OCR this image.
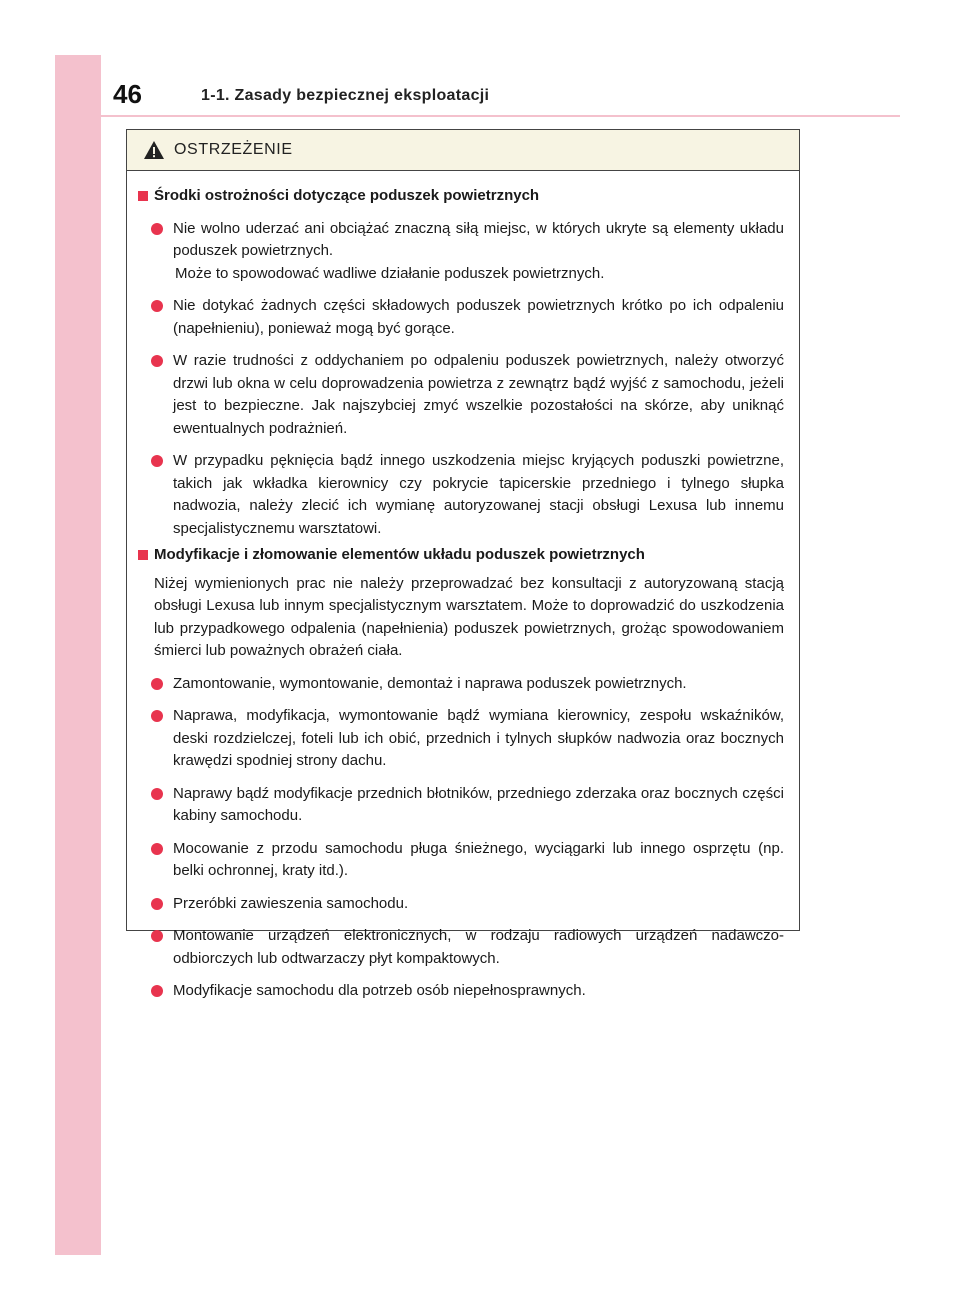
46	1-1. Zasady bezpiecznej eksploatacji
OSTRZEŻENIE
Środki ostrożności dotyczące poduszek powietrznych
Nie wolno uderzać ani obciążać znaczną siłą miejsc, w których ukryte są elementy układu poduszek powietrznych.
Może to spowodować wadliwe działanie poduszek powietrznych.
Nie dotykać żadnych części składowych poduszek powietrznych krótko po ich odpaleniu (napełnieniu), ponieważ mogą być gorące.
W razie trudności z oddychaniem po odpaleniu poduszek powietrznych, należy otworzyć drzwi lub okna w celu doprowadzenia powietrza z zewnątrz bądź wyjść z samochodu, jeżeli jest to bezpieczne. Jak najszybciej zmyć wszelkie pozostałości na skórze, aby uniknąć ewentualnych podrażnień.
W przypadku pęknięcia bądź innego uszkodzenia miejsc kryjących poduszki powietrzne, takich jak wkładka kierownicy czy pokrycie tapicerskie przedniego i tylnego słupka nadwozia, należy zlecić ich wymianę autoryzowanej stacji obsługi Lexusa lub innemu specjalistycznemu warsztatowi.
Modyfikacje i złomowanie elementów układu poduszek powietrznych
Niżej wymienionych prac nie należy przeprowadzać bez konsultacji z autoryzowaną stacją obsługi Lexusa lub innym specjalistycznym warsztatem. Może to doprowadzić do uszkodzenia lub przypadkowego odpalenia (napełnienia) poduszek powietrznych, grożąc spowodowaniem śmierci lub poważnych obrażeń ciała.
Zamontowanie, wymontowanie, demontaż i naprawa poduszek powietrznych.
Naprawa, modyfikacja, wymontowanie bądź wymiana kierownicy, zespołu wskaźników, deski rozdzielczej, foteli lub ich obić, przednich i tylnych słupków nadwozia oraz bocznych krawędzi spodniej strony dachu.
Naprawy bądź modyfikacje przednich błotników, przedniego zderzaka oraz bocznych części kabiny samochodu.
Mocowanie z przodu samochodu pługa śnieżnego, wyciągarki lub innego osprzętu (np. belki ochronnej, kraty itd.).
Przeróbki zawieszenia samochodu.
Montowanie urządzeń elektronicznych, w rodzaju radiowych urządzeń nadawczo-odbiorczych lub odtwarzaczy płyt kompaktowych.
Modyfikacje samochodu dla potrzeb osób niepełnosprawnych.
